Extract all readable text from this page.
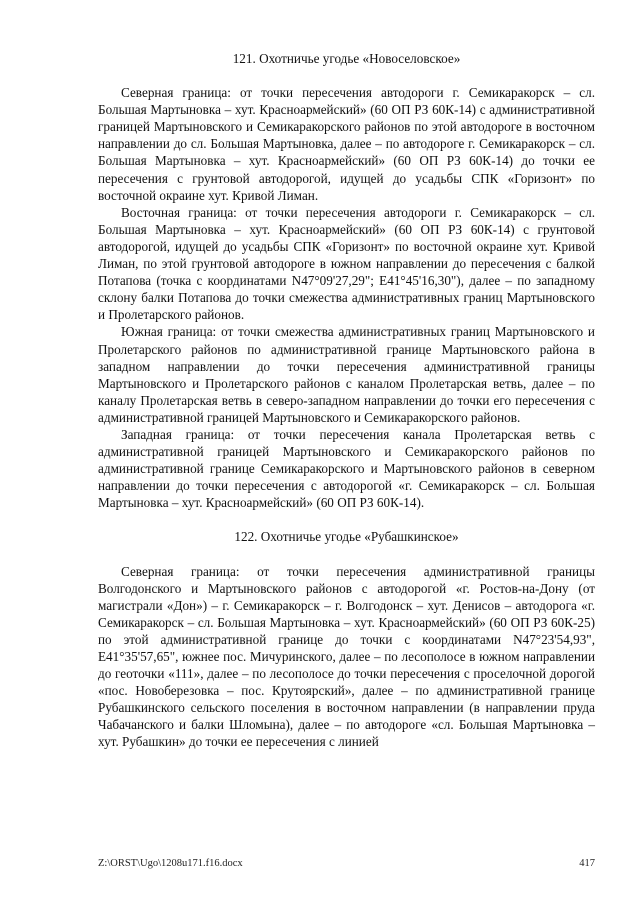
121. Охотничье угодье «Новоселовское»

Северная граница: от точки пересечения автодороги г. Семикаракорск – сл. Большая Мартыновка – хут. Красноармейский» (60 ОП РЗ 60К-14) с административной границей Мартыновского и Семикаракорского районов по этой автодороге в восточном направлении до сл. Большая Мартыновка, далее – по автодороге г. Семикаракорск – сл. Большая Мартыновка – хут. Красноармейский» (60 ОП РЗ 60К-14) до точки ее пересечения с грунтовой автодорогой, идущей до усадьбы СПК «Горизонт» по восточной окраине хут. Кривой Лиман.

Восточная граница: от точки пересечения автодороги г. Семикаракорск – сл. Большая Мартыновка – хут. Красноармейский» (60 ОП РЗ 60К-14) с грунтовой автодорогой, идущей до усадьбы СПК «Горизонт» по восточной окраине хут. Кривой Лиман, по этой грунтовой автодороге в южном направлении до пересечения с балкой Потапова (точка с координатами N47°09'27,29"; E41°45'16,30"), далее – по западному склону балки Потапова до точки смежества административных границ Мартыновского и Пролетарского районов.

Южная граница: от точки смежества административных границ Мартыновского и Пролетарского районов по административной границе Мартыновского района в западном направлении до точки пересечения административной границы Мартыновского и Пролетарского районов с каналом Пролетарская ветвь, далее – по каналу Пролетарская ветвь в северо-западном направлении до точки его пересечения с административной границей Мартыновского и Семикаракорского районов.

Западная граница: от точки пересечения канала Пролетарская ветвь с административной границей Мартыновского и Семикаракорского районов по административной границе Семикаракорского и Мартыновского районов в северном направлении до точки пересечения с автодорогой «г. Семикаракорск – сл. Большая Мартыновка – хут. Красноармейский» (60 ОП РЗ 60К-14).

122. Охотничье угодье «Рубашкинское»

Северная граница: от точки пересечения административной границы Волгодонского и Мартыновского районов с автодорогой «г. Ростов-на-Дону (от магистрали «Дон») – г. Семикаракорск – г. Волгодонск – хут. Денисов – автодорога «г. Семикаракорск – сл. Большая Мартыновка – хут. Красноармейский» (60 ОП РЗ 60К-25) по этой административной границе до точки с координатами N47°23'54,93", E41°35'57,65", южнее пос. Мичуринского, далее – по лесополосе в южном направлении до геоточки «111», далее – по лесополосе до точки пересечения с проселочной дорогой «пос. Новоберезовка – пос. Крутоярский», далее – по административной границе Рубашкинского сельского поселения в восточном направлении (в направлении пруда Чабачанского и балки Шломына), далее – по автодороге «сл. Большая Мартыновка – хут. Рубашкин» до точки ее пересечения с линией

Z:\ORST\Ugo\1208u171.f16.docx	417
